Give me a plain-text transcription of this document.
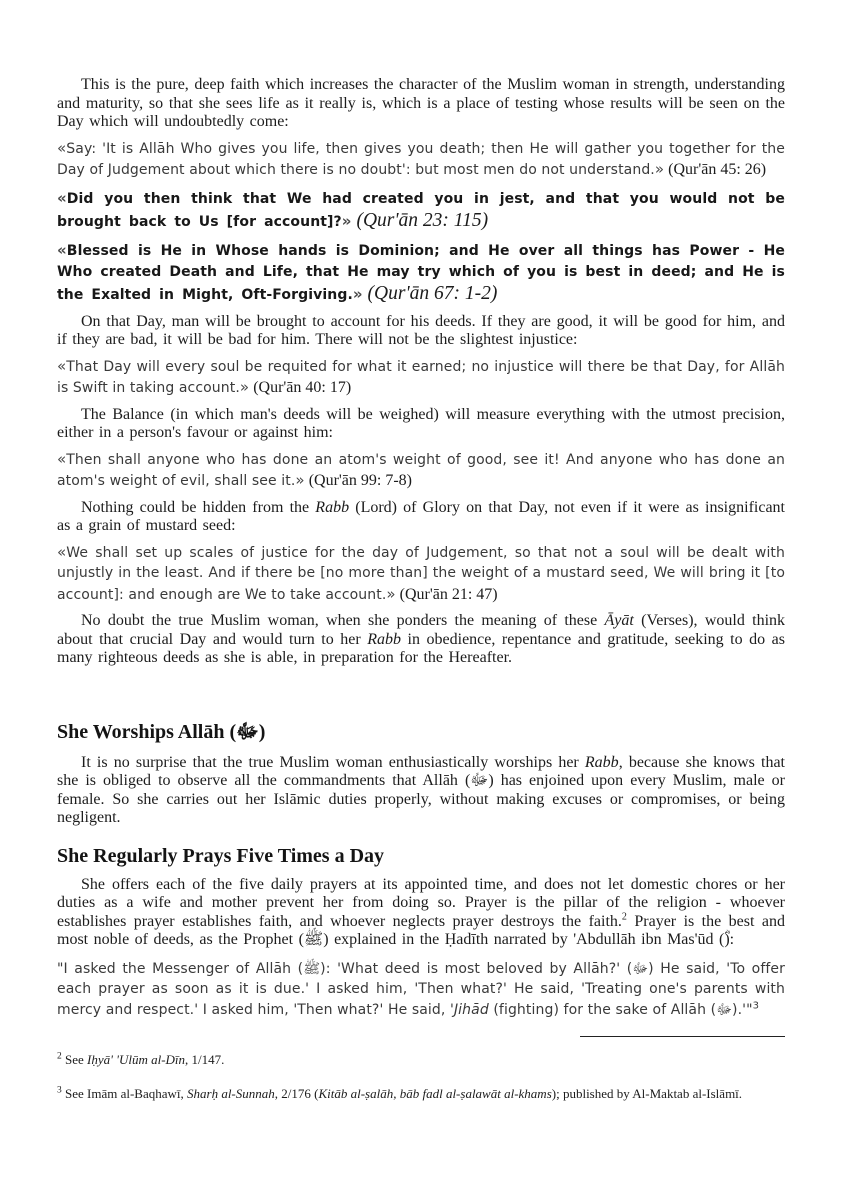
This is the pure, deep faith which increases the character of the Muslim woman in strength, understanding and maturity, so that she sees life as it really is, which is a place of testing whose results will be seen on the Day which will undoubtedly come:

«Say: 'It is Allāh Who gives you life, then gives you death; then He will gather you together for the Day of Judgement about which there is no doubt': but most men do not understand.» (Qur'ān 45: 26)

«Did you then think that We had created you in jest, and that you would not be brought back to Us [for account]?» (Qur'ān 23: 115)

«Blessed is He in Whose hands is Dominion; and He over all things has Power - He Who created Death and Life, that He may try which of you is best in deed; and He is the Exalted in Might, Oft-Forgiving.» (Qur'ān 67: 1-2)

On that Day, man will be brought to account for his deeds. If they are good, it will be good for him, and if they are bad, it will be bad for him. There will not be the slightest injustice:

«That Day will every soul be requited for what it earned; no injustice will there be that Day, for Allāh is Swift in taking account.» (Qur'ān 40: 17)

The Balance (in which man's deeds will be weighed) will measure everything with the utmost precision, either in a person's favour or against him:

«Then shall anyone who has done an atom's weight of good, see it! And anyone who has done an atom's weight of evil, shall see it.» (Qur'ān 99: 7-8)

Nothing could be hidden from the Rabb (Lord) of Glory on that Day, not even if it were as insignificant as a grain of mustard seed:

«We shall set up scales of justice for the day of Judgement, so that not a soul will be dealt with unjustly in the least. And if there be [no more than] the weight of a mustard seed, We will bring it [to account]: and enough are We to take account.» (Qur'ān 21: 47)

No doubt the true Muslim woman, when she ponders the meaning of these Āyāt (Verses), would think about that crucial Day and would turn to her Rabb in obedience, repentance and gratitude, seeking to do as many righteous deeds as she is able, in preparation for the Hereafter.

She Worships Allāh (ﷻ)

It is no surprise that the true Muslim woman enthusiastically worships her Rabb, because she knows that she is obliged to observe all the commandments that Allāh (ﷻ) has enjoined upon every Muslim, male or female. So she carries out her Islāmic duties properly, without making excuses or compromises, or being negligent.

She Regularly Prays Five Times a Day

She offers each of the five daily prayers at its appointed time, and does not let domestic chores or her duties as a wife and mother prevent her from doing so. Prayer is the pillar of the religion - whoever establishes prayer establishes faith, and whoever neglects prayer destroys the faith.$^2$ Prayer is the best and most noble of deeds, as the Prophet (ﷺ) explained in the Ḥadīth narrated by 'Abdullāh ibn Mas'ūd (ؓ):

"I asked the Messenger of Allāh (ﷺ): 'What deed is most beloved by Allāh?' (ﷻ) He said, 'To offer each prayer as soon as it is due.' I asked him, 'Then what?' He said, 'Treating one's parents with mercy and respect.' I asked him, 'Then what?' He said, 'Jihād (fighting) for the sake of Allāh (ﷻ).'"$^3$

$^2$ See Iḥyā' 'Ulūm al-Dīn, 1/147.

$^3$ See Imām al-Baqhawī, Sharḥ al-Sunnah, 2/176 (Kitāb al-ṣalāh, bāb fadl al-ṣalawāt al-khams); published by Al-Maktab al-Islāmī.
